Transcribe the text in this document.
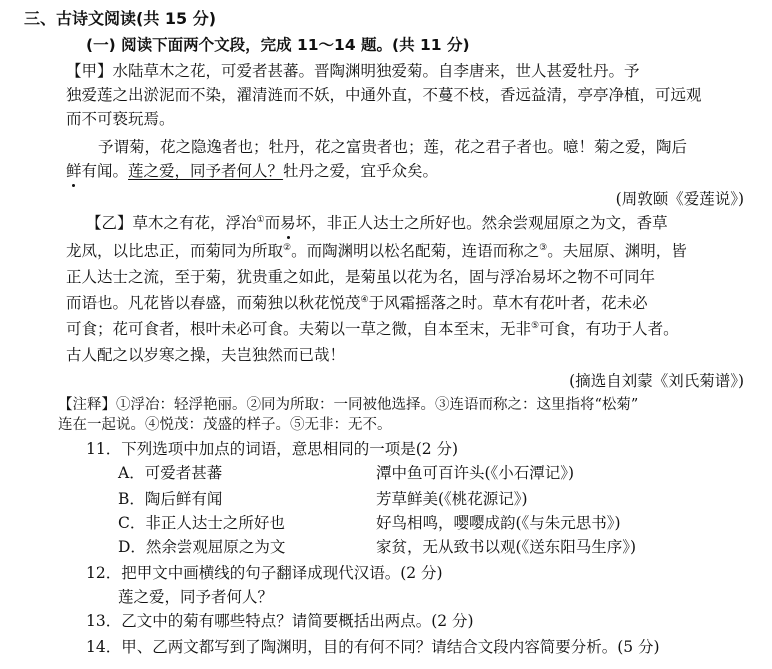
三、古诗文阅读(共 15 分)
(一) 阅读下面两个文段，完成 11～14 题。(共 11 分)
【甲】水陆草木之花，可爱者甚蕃。晋陶渊明独爱菊。自李唐来，世人甚爱牡丹。予
独爱莲之出淤泥而不染，濯清涟而不妖，中通外直，不蔓不枝，香远益清，亭亭净植，可远观
而不可亵玩焉。
予谓菊，花之隐逸者也；牡丹，花之富贵者也；莲，花之君子者也。噫！菊之爱，陶后
鲜有闻。莲之爱，同予者何人？牡丹之爱，宜乎众矣。
(周敦颐《爱莲说》)
【乙】草木之有花，浮冶①而易坏，非正人达士之所好也。然余尝观屈原之为文，香草
龙凤，以比忠正，而菊同为所取②。而陶渊明以松名配菊，连语而称之③。夫屈原、渊明，皆
正人达士之流，至于菊，犹贵重之如此，是菊虽以花为名，固与浮冶易坏之物不可同年
而语也。凡花皆以春盛，而菊独以秋花悦茂④于风霜摇落之时。草木有花叶者，花未必
可食；花可食者，根叶未必可食。夫菊以一草之微，自本至末，无非⑤可食，有功于人者。
古人配之以岁寒之操，夫岂独然而已哉！
(摘选自刘蒙《刘氏菊谱》)
【注释】①浮冶：轻浮艳丽。②同为所取：一同被他选择。③连语而称之：这里指将“松菊”
连在一起说。④悦茂：茂盛的样子。⑤无非：无不。
11．下列选项中加点的词语，意思相同的一项是(2 分)
A．可爱者甚蕃	潭中鱼可百许头(《小石潭记》)
B．陶后鲜有闻	芳草鲜美(《桃花源记》)
C．非正人达士之所好也	好鸟相鸣，嘤嘤成韵(《与朱元思书》)
D．然余尝观屈原之为文	家贫，无从致书以观(《送东阳马生序》)
12．把甲文中画横线的句子翻译成现代汉语。(2 分)
莲之爱，同予者何人？
13．乙文中的菊有哪些特点？请简要概括出两点。(2 分)
14．甲、乙两文都写到了陶渊明，目的有何不同？请结合文段内容简要分析。(5 分)
